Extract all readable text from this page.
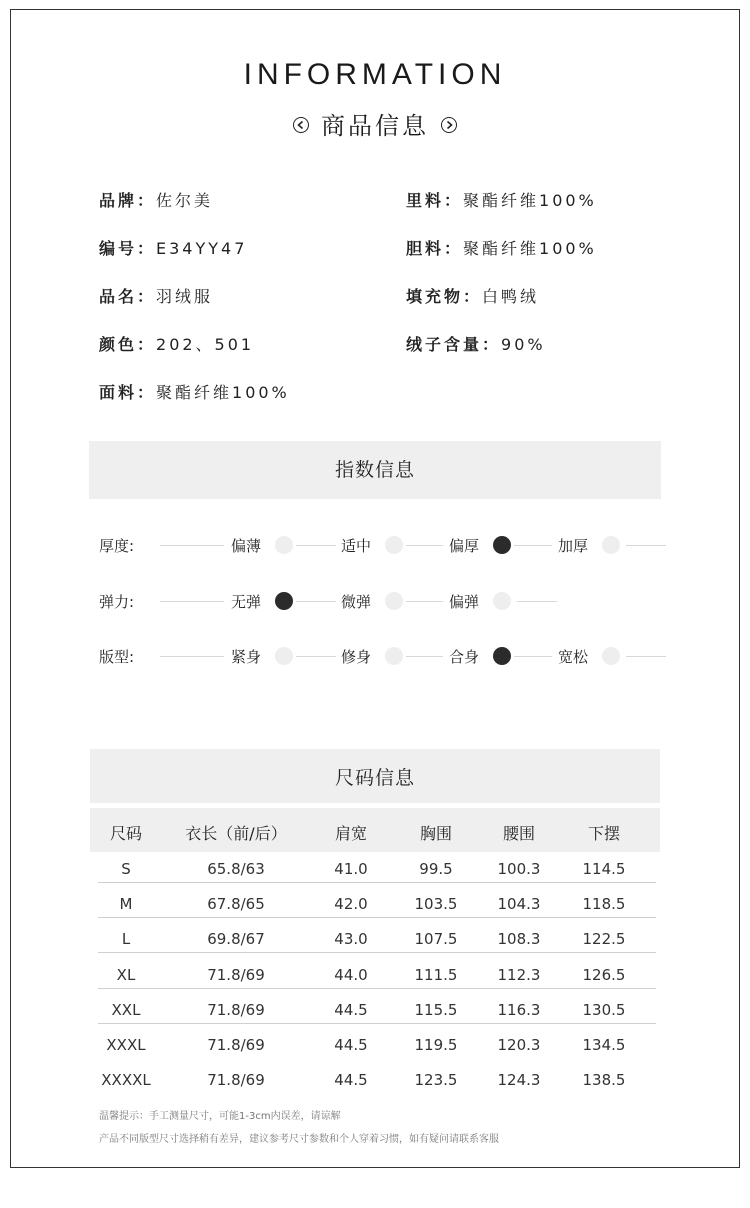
INFORMATION
商品信息
品牌：佐尔美
编号：E34YY47
品名：羽绒服
颜色：202、501
面料：聚酯纤维100%
里料：聚酯纤维100%
胆料：聚酯纤维100%
填充物：白鸭绒
绒子含量：90%
指数信息
厚度:	偏薄	适中	偏厚	加厚
弹力:	无弹	微弹	偏弹
版型:	紧身	修身	合身	宽松
尺码信息
尺码	衣长（前/后）	肩宽	胸围	腰围	下摆
S	65.8/63	41.0	99.5	100.3	114.5
M	67.8/65	42.0	103.5	104.3	118.5
L	69.8/67	43.0	107.5	108.3	122.5
XL	71.8/69	44.0	111.5	112.3	126.5
XXL	71.8/69	44.5	115.5	116.3	130.5
XXXL	71.8/69	44.5	119.5	120.3	134.5
XXXXL	71.8/69	44.5	123.5	124.3	138.5
温馨提示：手工测量尺寸，可能1-3cm内误差，请谅解
产品不同版型尺寸选择稍有差异，建议参考尺寸参数和个人穿着习惯，如有疑问请联系客服
